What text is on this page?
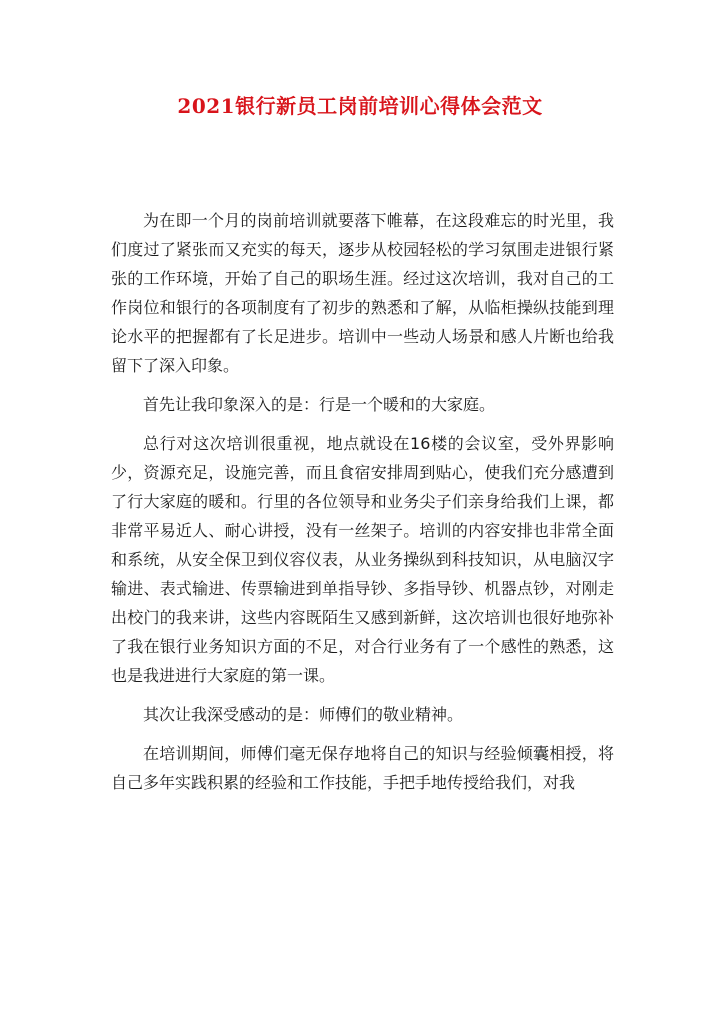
2021银行新员工岗前培训心得体会范文

为在即一个月的岗前培训就要落下帷幕，在这段难忘的时光里，我们度过了紧张而又充实的每天，逐步从校园轻松的学习氛围走进银行紧张的工作环境，开始了自己的职场生涯。经过这次培训，我对自己的工作岗位和银行的各项制度有了初步的熟悉和了解，从临柜操纵技能到理论水平的把握都有了长足进步。培训中一些动人场景和感人片断也给我留下了深入印象。

首先让我印象深入的是：行是一个暖和的大家庭。

总行对这次培训很重视，地点就设在16楼的会议室，受外界影响少，资源充足，设施完善，而且食宿安排周到贴心，使我们充分感遭到了行大家庭的暖和。行里的各位领导和业务尖子们亲身给我们上课，都非常平易近人、耐心讲授，没有一丝架子。培训的内容安排也非常全面和系统，从安全保卫到仪容仪表，从业务操纵到科技知识，从电脑汉字输进、表式输进、传票输进到单指导钞、多指导钞、机器点钞，对刚走出校门的我来讲，这些内容既陌生又感到新鲜，这次培训也很好地弥补了我在银行业务知识方面的不足，对合行业务有了一个感性的熟悉，这也是我进进行大家庭的第一课。

其次让我深受感动的是：师傅们的敬业精神。

在培训期间，师傅们毫无保存地将自己的知识与经验倾囊相授，将自己多年实践积累的经验和工作技能，手把手地传授给我们，对我
